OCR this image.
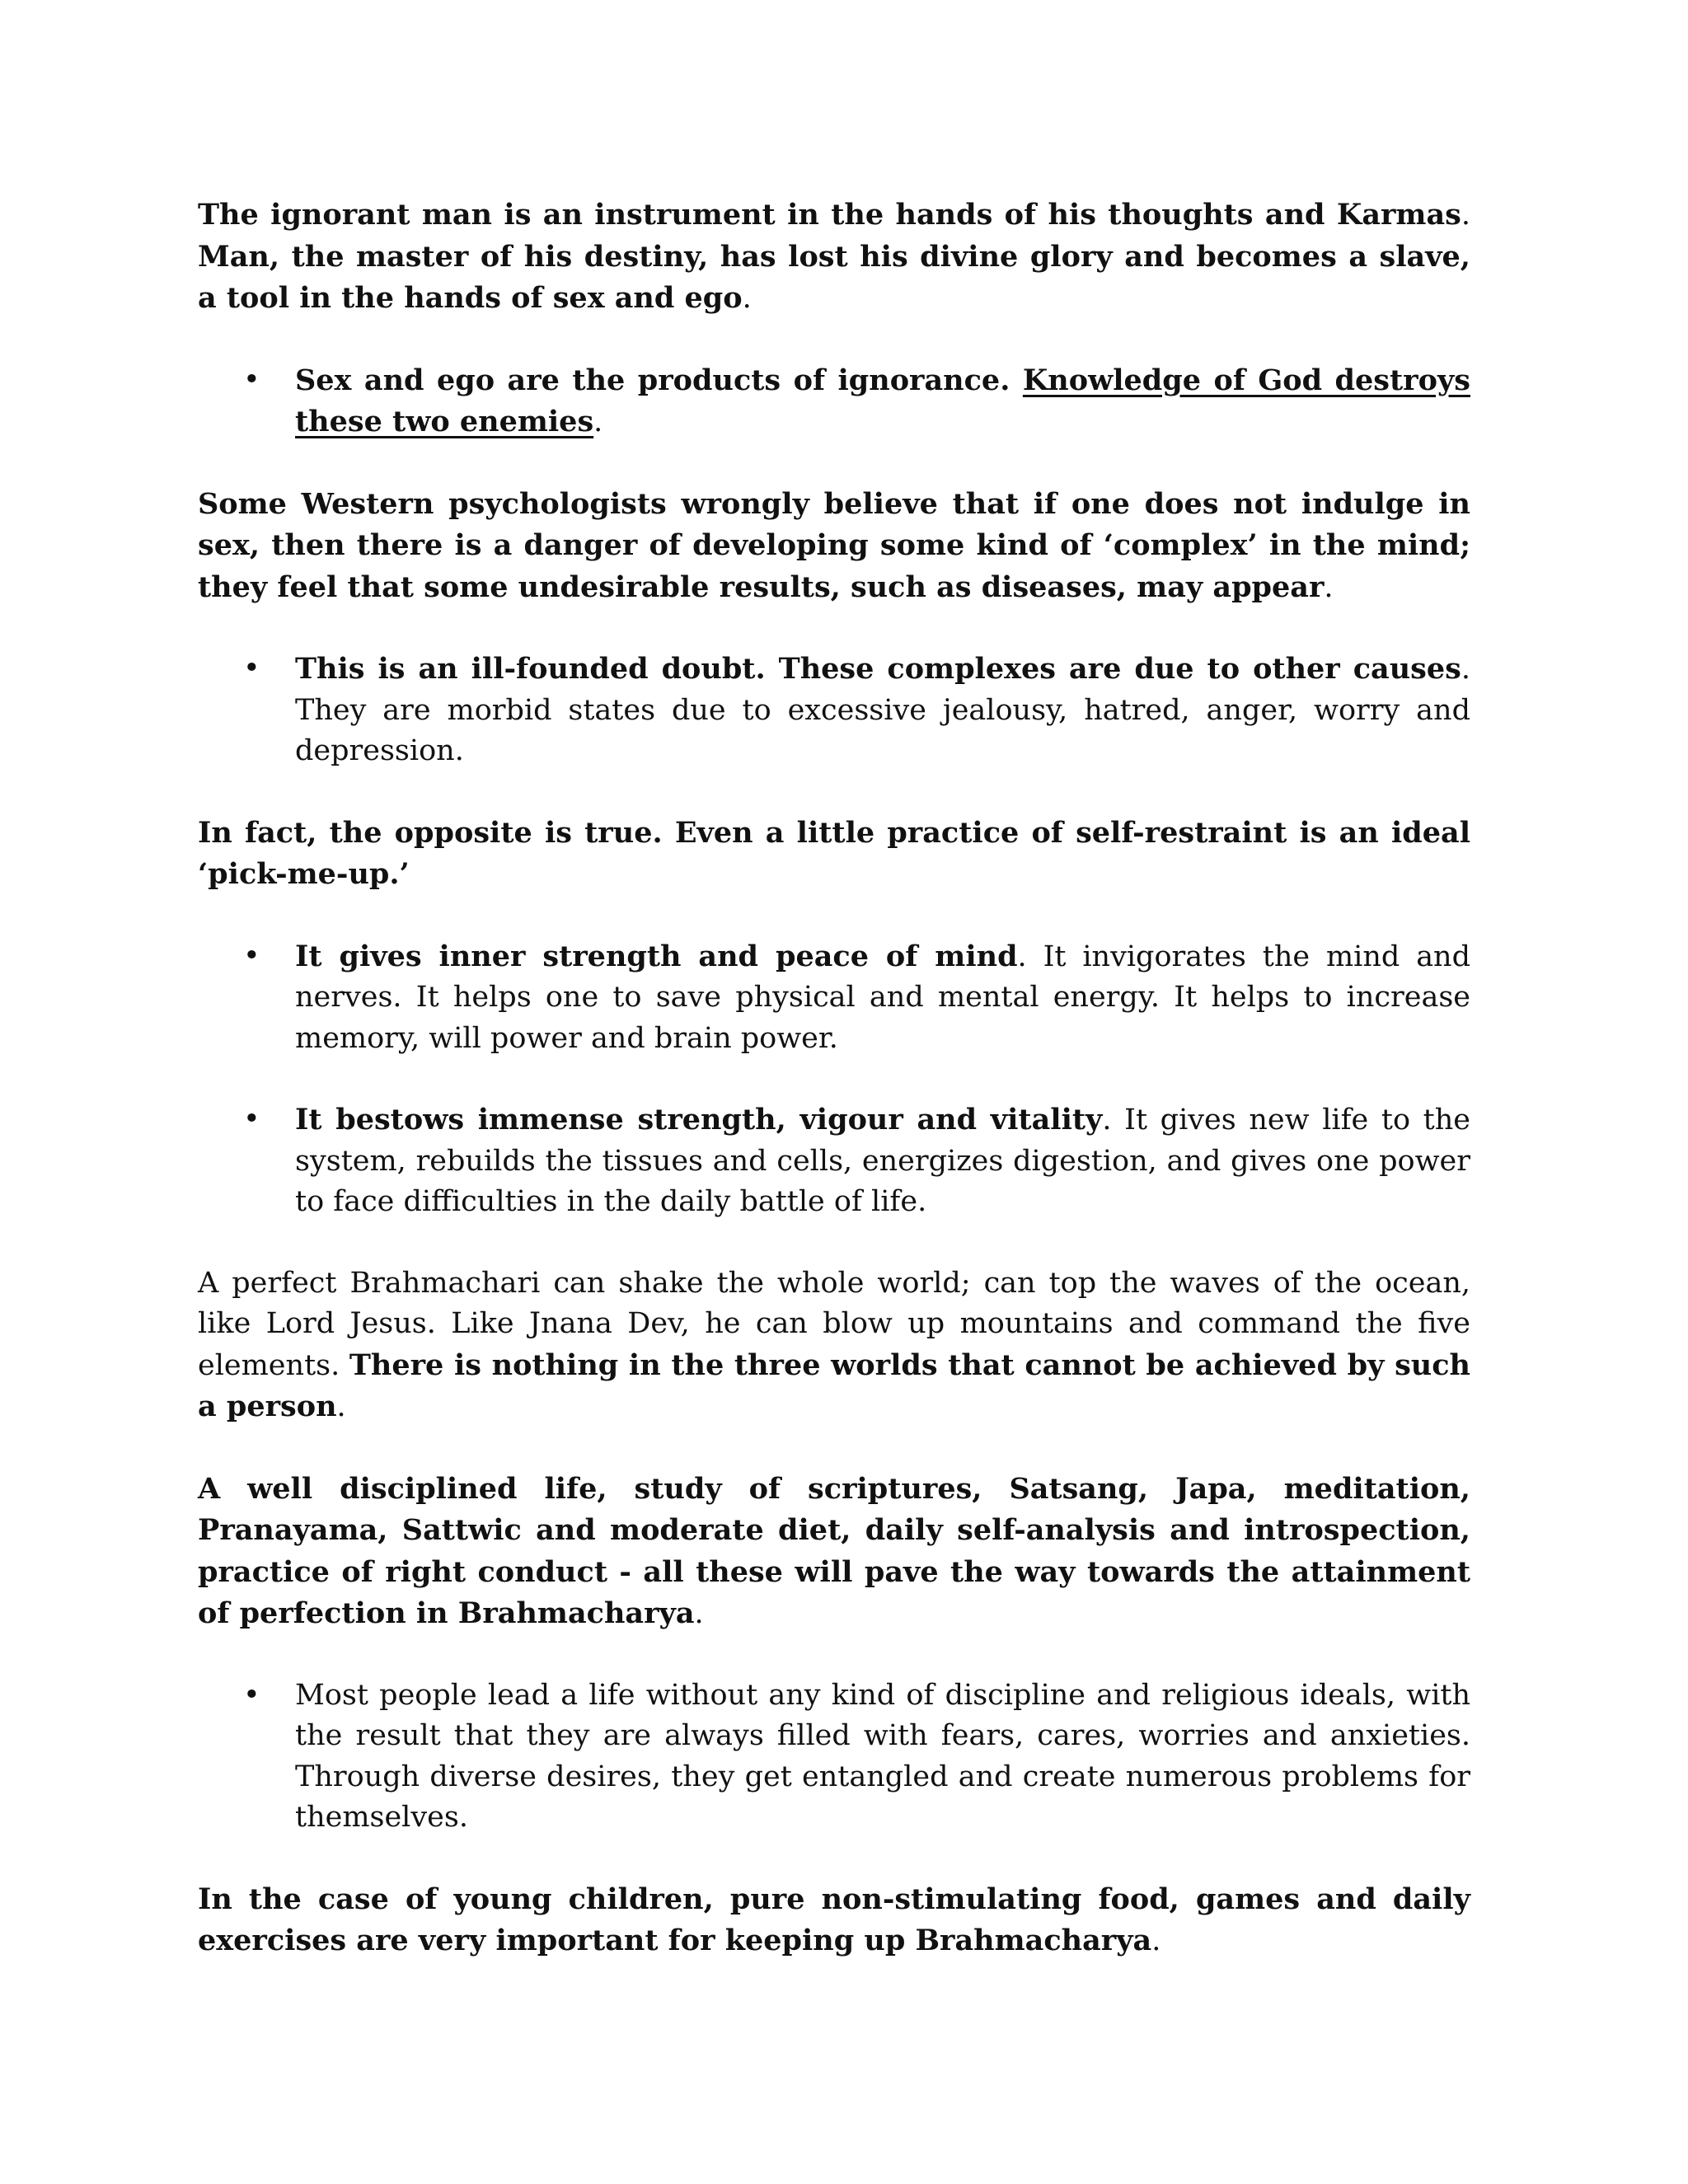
The ignorant man is an instrument in the hands of his thoughts and Karmas. Man, the master of his destiny, has lost his divine glory and becomes a slave, a tool in the hands of sex and ego.

• Sex and ego are the products of ignorance. Knowledge of God destroys these two enemies.

Some Western psychologists wrongly believe that if one does not indulge in sex, then there is a danger of developing some kind of ‘complex’ in the mind; they feel that some undesirable results, such as diseases, may appear.

• This is an ill-founded doubt. These complexes are due to other causes. They are morbid states due to excessive jealousy, hatred, anger, worry and depression.

In fact, the opposite is true. Even a little practice of self-restraint is an ideal ‘pick-me-up.’

• It gives inner strength and peace of mind. It invigorates the mind and nerves. It helps one to save physical and mental energy. It helps to increase memory, will power and brain power.
• It bestows immense strength, vigour and vitality. It gives new life to the system, rebuilds the tissues and cells, energizes digestion, and gives one power to face difficulties in the daily battle of life.

A perfect Brahmachari can shake the whole world; can top the waves of the ocean, like Lord Jesus. Like Jnana Dev, he can blow up mountains and command the five elements. There is nothing in the three worlds that cannot be achieved by such a person.

A well disciplined life, study of scriptures, Satsang, Japa, meditation, Pranayama, Sattwic and moderate diet, daily self-analysis and introspection, practice of right conduct - all these will pave the way towards the attainment of perfection in Brahmacharya.

• Most people lead a life without any kind of discipline and religious ideals, with the result that they are always filled with fears, cares, worries and anxieties. Through diverse desires, they get entangled and create numerous problems for themselves.

In the case of young children, pure non-stimulating food, games and daily exercises are very important for keeping up Brahmacharya.
